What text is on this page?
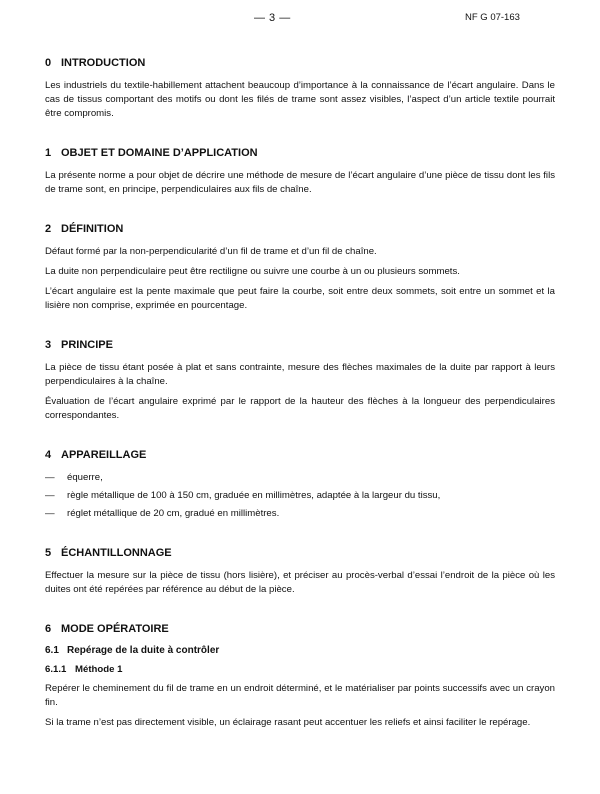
— 3 —	NF G 07-163
0 INTRODUCTION

Les industriels du textile-habillement attachent beaucoup d’importance à la connaissance de l’écart angulaire. Dans le cas de tissus comportant des motifs ou dont les filés de trame sont assez visibles, l’aspect d’un article textile pourrait être compromis.

1 OBJET ET DOMAINE D’APPLICATION

La présente norme a pour objet de décrire une méthode de mesure de l’écart angulaire d’une pièce de tissu dont les fils de trame sont, en principe, perpendiculaires aux fils de chaîne.

2 DÉFINITION

Défaut formé par la non-perpendicularité d’un fil de trame et d’un fil de chaîne.

La duite non perpendiculaire peut être rectiligne ou suivre une courbe à un ou plusieurs sommets.

L’écart angulaire est la pente maximale que peut faire la courbe, soit entre deux sommets, soit entre un sommet et la lisière non comprise, exprimée en pourcentage.

3 PRINCIPE

La pièce de tissu étant posée à plat et sans contrainte, mesure des flèches maximales de la duite par rapport à leurs perpendiculaires à la chaîne.

Évaluation de l’écart angulaire exprimé par le rapport de la hauteur des flèches à la longueur des perpendiculaires correspondantes.

4 APPAREILLAGE
—	équerre,
—	règle métallique de 100 à 150 cm, graduée en millimètres, adaptée à la largeur du tissu,
—	réglet métallique de 20 cm, gradué en millimètres.
5 ÉCHANTILLONNAGE

Effectuer la mesure sur la pièce de tissu (hors lisière), et préciser au procès-verbal d’essai l’endroit de la pièce où les duites ont été repérées par référence au début de la pièce.

6 MODE OPÉRATOIRE
6.1 Repérage de la duite à contrôler
6.1.1 Méthode 1

Repérer le cheminement du fil de trame en un endroit déterminé, et le matérialiser par points successifs avec un crayon fin.

Si la trame n’est pas directement visible, un éclairage rasant peut accentuer les reliefs et ainsi faciliter le repérage.
